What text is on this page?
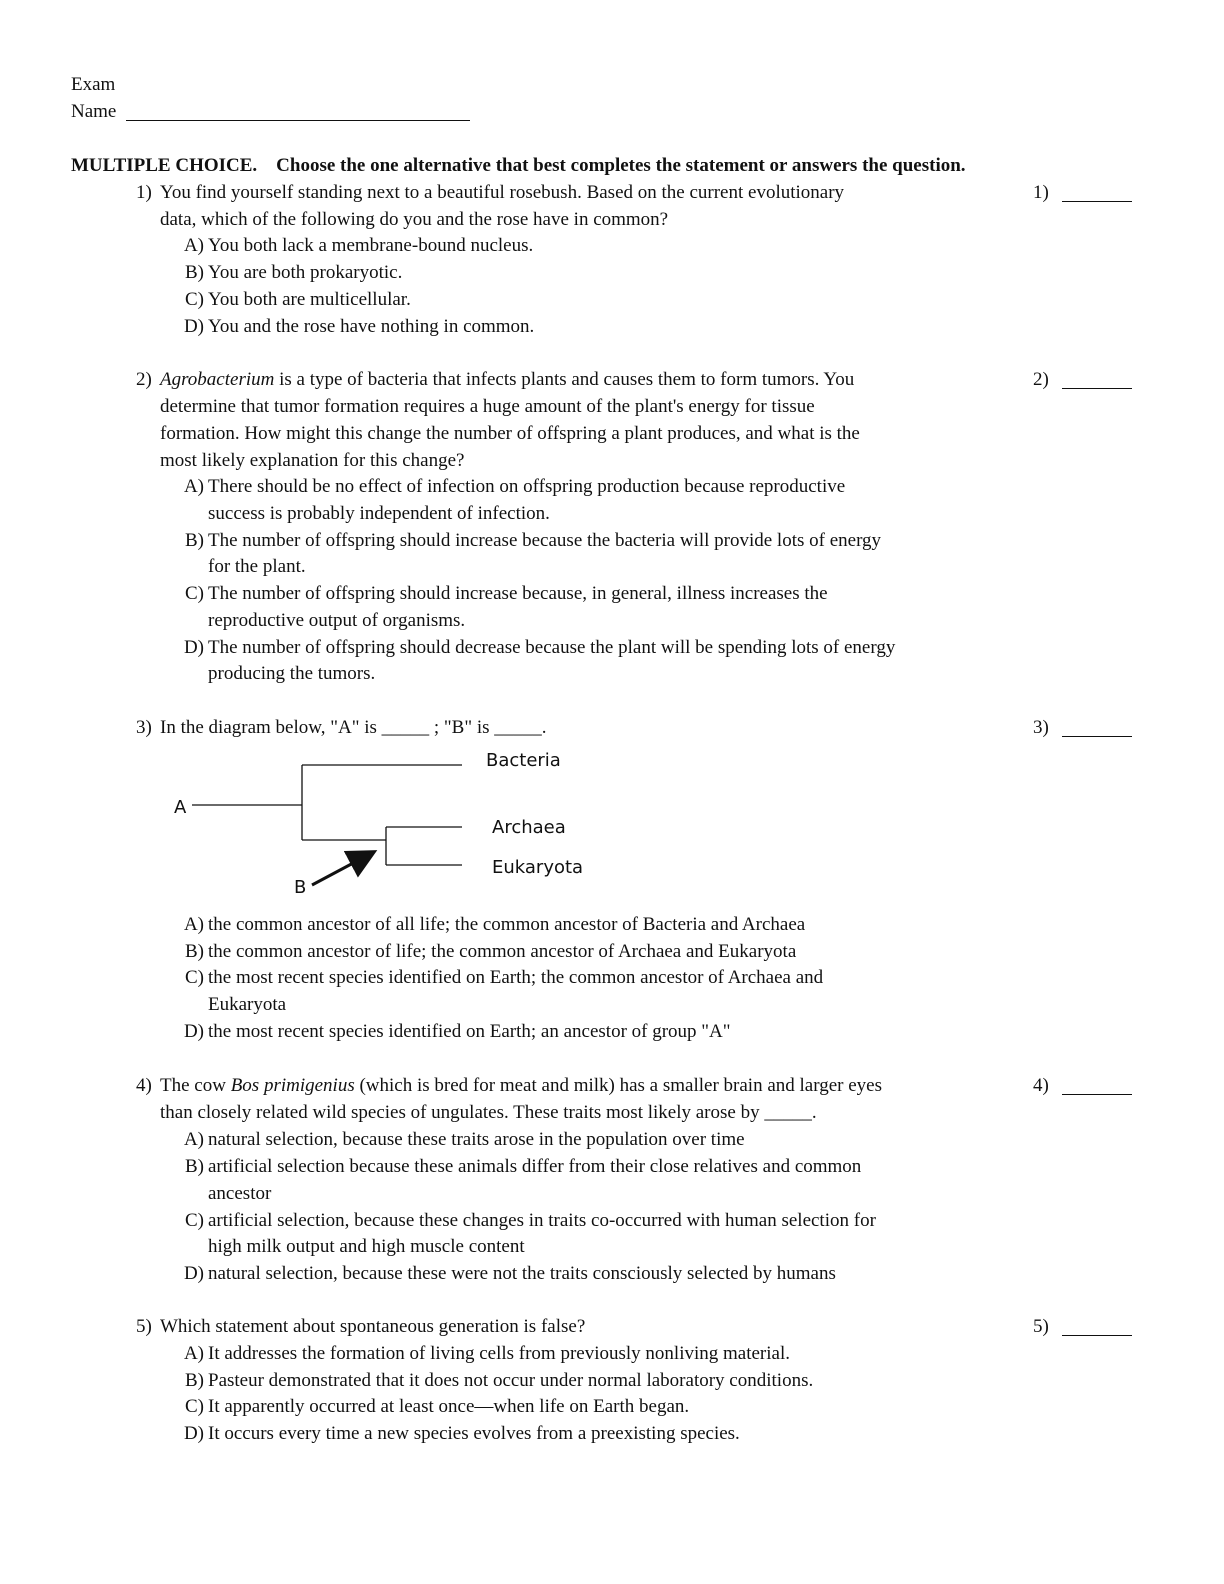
Exam
Name
MULTIPLE CHOICE. Choose the one alternative that best completes the statement or answers the question.
1) You find yourself standing next to a beautiful rosebush. Based on the current evolutionary
data, which of the following do you and the rose have in common?
A) You both lack a membrane-bound nucleus.
B) You are both prokaryotic.
C) You both are multicellular.
D) You and the rose have nothing in common.
1)
2) Agrobacterium is a type of bacteria that infects plants and causes them to form tumors. You
determine that tumor formation requires a huge amount of the plant's energy for tissue
formation. How might this change the number of offspring a plant produces, and what is the
most likely explanation for this change?
A) There should be no effect of infection on offspring production because reproductive
success is probably independent of infection.
B) The number of offspring should increase because the bacteria will provide lots of energy
for the plant.
C) The number of offspring should increase because, in general, illness increases the
reproductive output of organisms.
D) The number of offspring should decrease because the plant will be spending lots of energy
producing the tumors.
2)
3) In the diagram below, "A" is _____ ; "B" is _____.
A
B
Bacteria
Archaea
Eukaryota
A) the common ancestor of all life; the common ancestor of Bacteria and Archaea
B) the common ancestor of life; the common ancestor of Archaea and Eukaryota
C) the most recent species identified on Earth; the common ancestor of Archaea and
Eukaryota
D) the most recent species identified on Earth; an ancestor of group "A"
3)
4) The cow Bos primigenius (which is bred for meat and milk) has a smaller brain and larger eyes
than closely related wild species of ungulates. These traits most likely arose by _____.
A) natural selection, because these traits arose in the population over time
B) artificial selection because these animals differ from their close relatives and common
ancestor
C) artificial selection, because these changes in traits co-occurred with human selection for
high milk output and high muscle content
D) natural selection, because these were not the traits consciously selected by humans
4)
5) Which statement about spontaneous generation is false?
A) It addresses the formation of living cells from previously nonliving material.
B) Pasteur demonstrated that it does not occur under normal laboratory conditions.
C) It apparently occurred at least once—when life on Earth began.
D) It occurs every time a new species evolves from a preexisting species.
5)
